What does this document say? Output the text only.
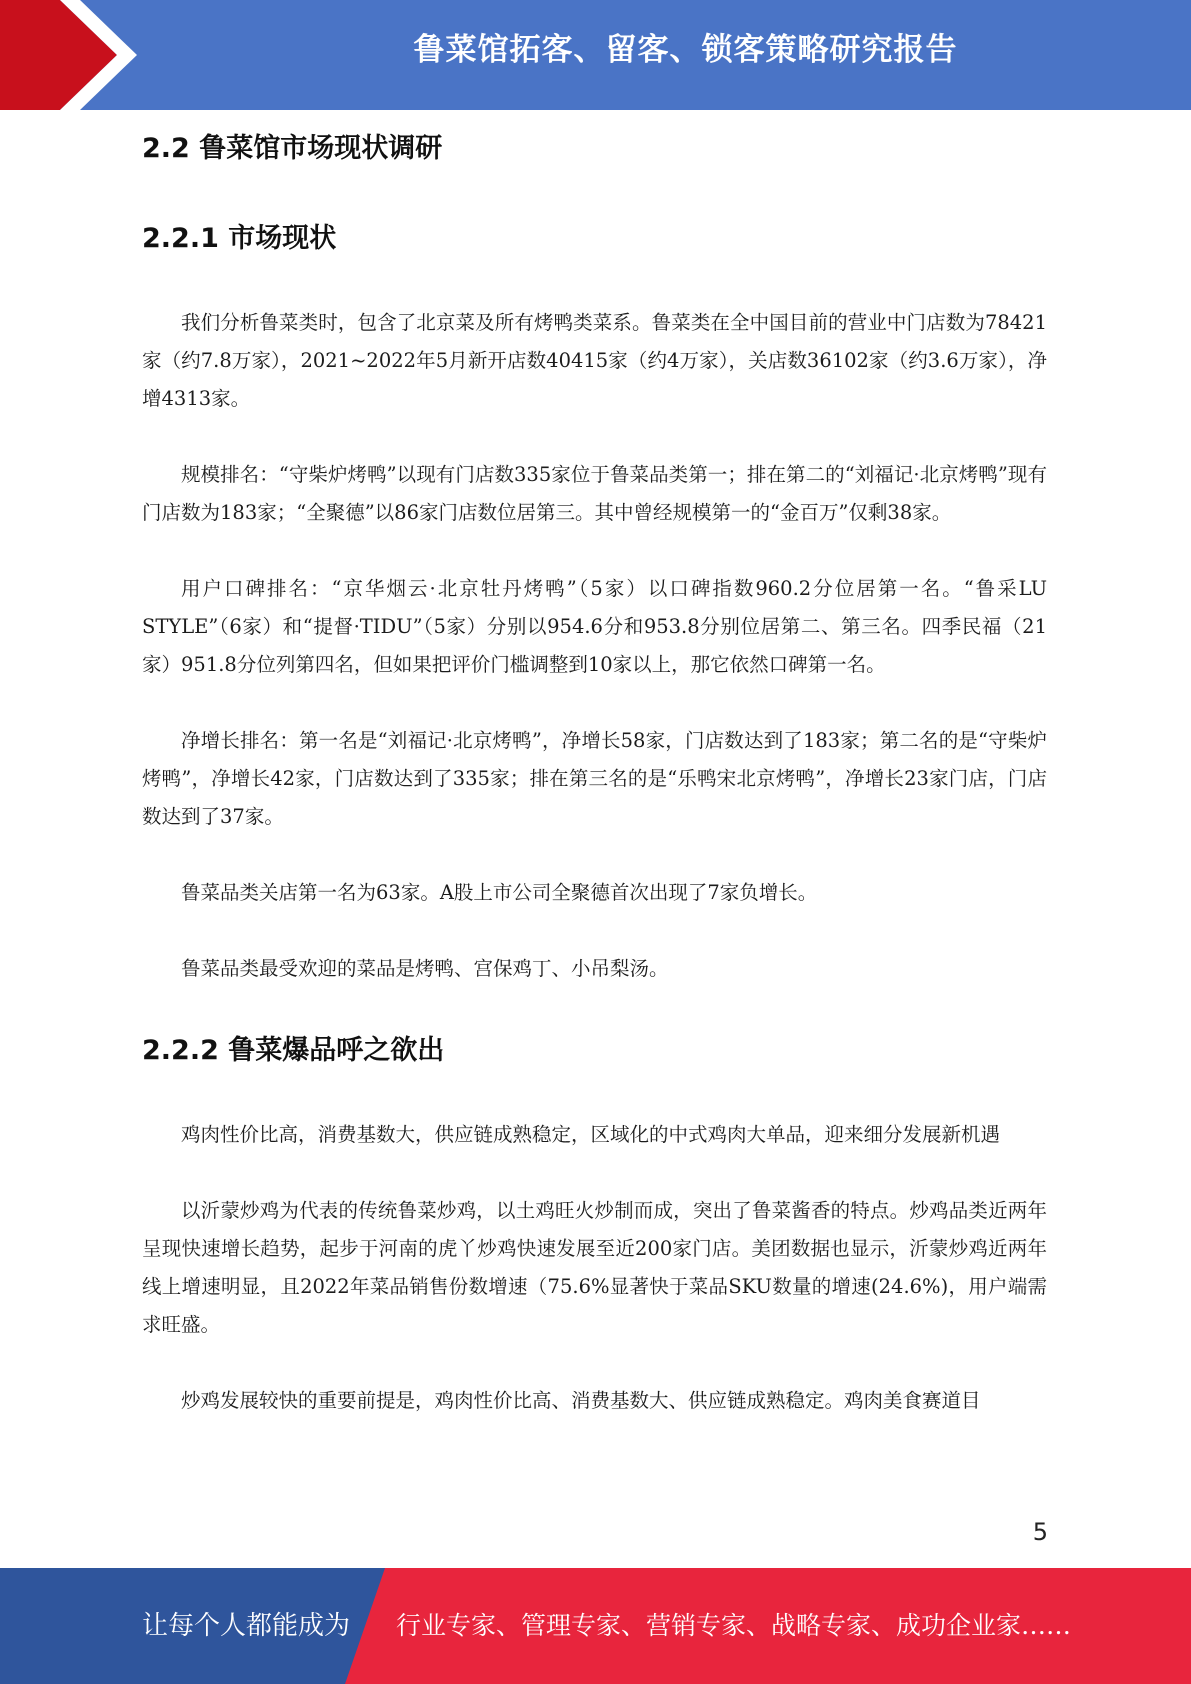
鲁菜馆拓客、留客、锁客策略研究报告
2.2 鲁菜馆市场现状调研
2.2.1 市场现状

我们分析鲁菜类时，包含了北京菜及所有烤鸭类菜系。鲁菜类在全中国目前的营业中门店数为78421家（约7.8万家），2021~2022年5月新开店数40415家（约4万家），关店数36102家（约3.6万家），净增4313家。

规模排名：“守柴炉烤鸭”以现有门店数335家位于鲁菜品类第一；排在第二的“刘福记·北京烤鸭”现有门店数为183家；“全聚德”以86家门店数位居第三。其中曾经规模第一的“金百万”仅剩38家。

用户口碑排名：“京华烟云·北京牡丹烤鸭”（5家）以口碑指数960.2分位居第一名。“鲁采LU STYLE”（6家）和“提督·TIDU”（5家）分别以954.6分和953.8分别位居第二、第三名。四季民福（21家）951.8分位列第四名，但如果把评价门槛调整到10家以上，那它依然口碑第一名。

净增长排名：第一名是“刘福记·北京烤鸭”，净增长58家，门店数达到了183家；第二名的是“守柴炉烤鸭”，净增长42家，门店数达到了335家；排在第三名的是“乐鸭宋北京烤鸭”，净增长23家门店，门店数达到了37家。

鲁菜品类关店第一名为63家。A股上市公司全聚德首次出现了7家负增长。

鲁菜品类最受欢迎的菜品是烤鸭、宫保鸡丁、小吊梨汤。

2.2.2 鲁菜爆品呼之欲出

鸡肉性价比高，消费基数大，供应链成熟稳定，区域化的中式鸡肉大单品，迎来细分发展新机遇

以沂蒙炒鸡为代表的传统鲁菜炒鸡，以土鸡旺火炒制而成，突出了鲁菜酱香的特点。炒鸡品类近两年呈现快速增长趋势，起步于河南的虎丫炒鸡快速发展至近200家门店。美团数据也显示，沂蒙炒鸡近两年线上增速明显，且2022年菜品销售份数增速（75.6%显著快于菜品SKU数量的增速(24.6%)，用户端需求旺盛。

炒鸡发展较快的重要前提是，鸡肉性价比高、消费基数大、供应链成熟稳定。鸡肉美食赛道目

5
让每个人都能成为 行业专家、管理专家、营销专家、战略专家、成功企业家……
